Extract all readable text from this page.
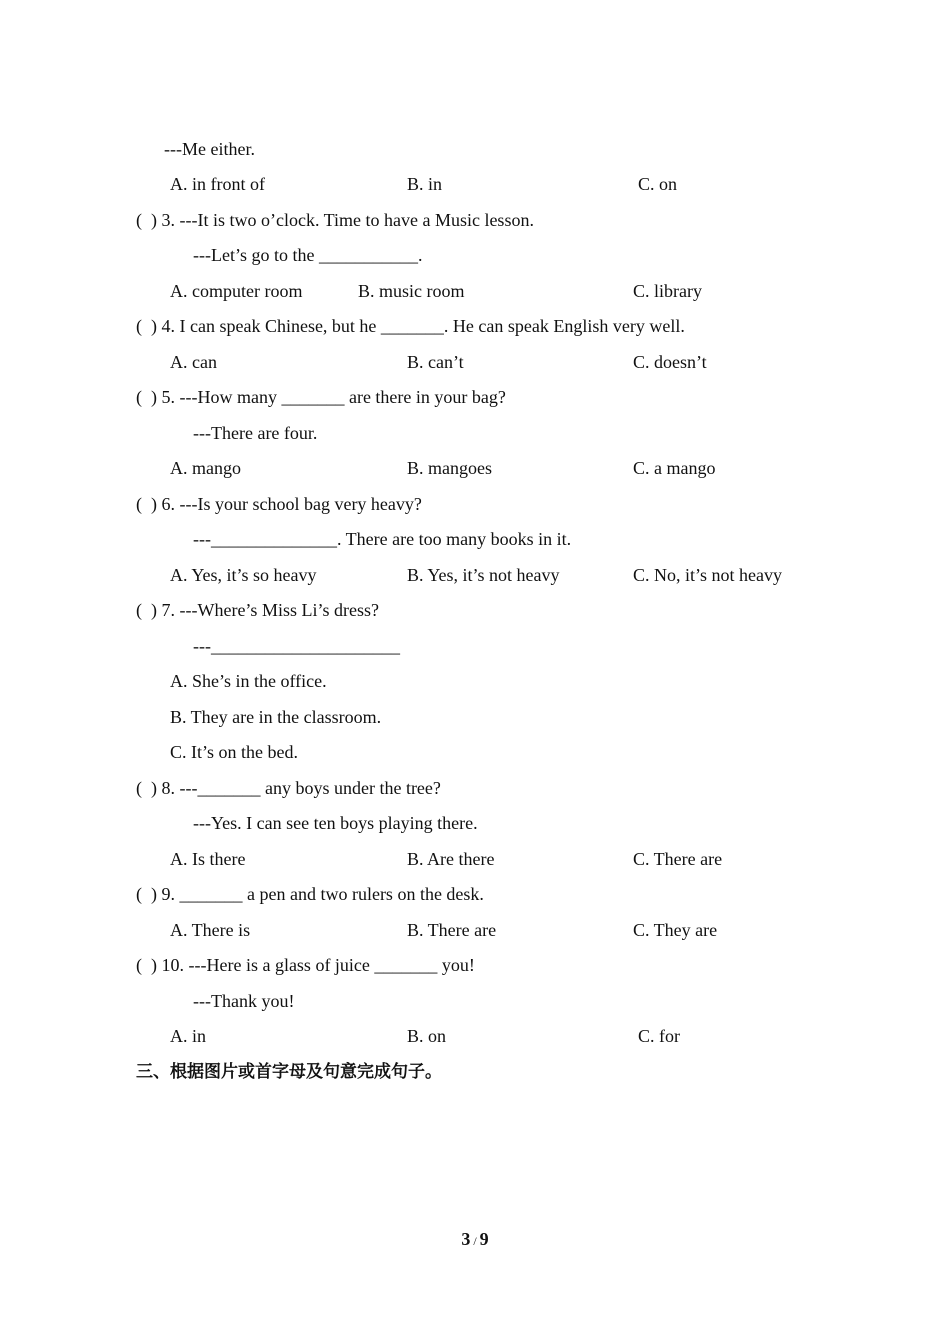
---Me either.
A. in front of	B. in	C. on
(  ) 3. ---It is two o’clock. Time to have a Music lesson.
---Let’s go to the ___________.
A. computer room	B. music room	C. library
(  ) 4. I can speak Chinese, but he _______. He can speak English very well.
A. can	B. can’t	C. doesn’t
(  ) 5. ---How many _______ are there in your bag?
---There are four.
A. mango	B. mangoes	C. a mango
(  ) 6. ---Is your school bag very heavy?
---______________. There are too many books in it.
A. Yes, it’s so heavy	B. Yes, it’s not heavy	C. No, it’s not heavy
(  ) 7. ---Where’s Miss Li’s dress?
---_____________________
A. She’s in the office.
B. They are in the classroom.
C. It’s on the bed.
(  ) 8. ---_______ any boys under the tree?
---Yes. I can see ten boys playing there.
A. Is there	B. Are there	C. There are
(  ) 9. _______ a pen and two rulers on the desk.
A. There is	B. There are	C. They are
(  ) 10. ---Here is a glass of juice _______ you!
---Thank you!
A. in	B. on	C. for
三、根据图片或首字母及句意完成句子。
3 / 9
